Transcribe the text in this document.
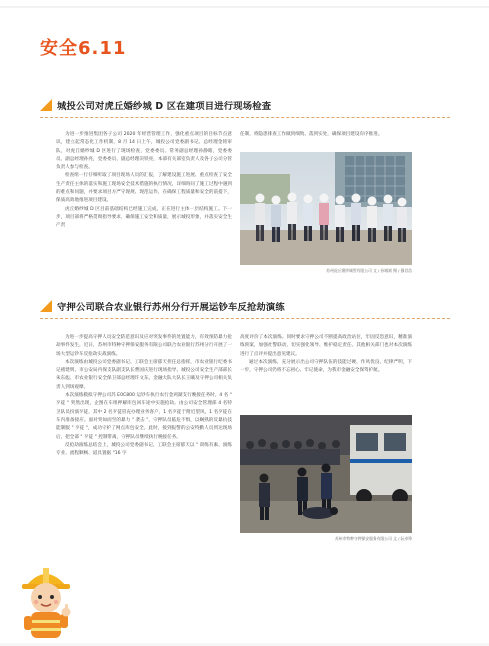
安全6.11
城投公司对虎丘婚纱城 D 区在建项目进行现场检查

为进一步推进集团各子公司 2020 年经营管理工作，强化重点项目的目标节点意识，建立起常态化工作机制，8 月 14 日上午，城投公司党委副书记、总经理金铭审队，对虎丘婚纱城 D 区进行了现场检查，党委委员、常务副总经理孙静睹，党委委员、副总经理孙亮，党委委员、副总经理决铁亮，本部有关部室负责人及各子公司分管负责人参与检查。

检查组一行仔细听取了项目现场人员的汇报，了解建设施工进展、重点检查了安全生产责任主体的落实和施工现场安全技术措施的执行情况，详细询问了施工过程中遇到的难点和问题，并要求项目方严守现规、现范运作，在确保工程质量和安全的前提下，保质高效地推进项目建设。

虎丘婚纱城 D 区目前基础结构已经施工完成，正在进行主体一层结构施工。下一步，项目部将严格贯彻指导要求，确保施工安全和质量，展示城投形象，并落实安全生产责

任制，将隐患排查工作做到细致、落到实处，确保项目建设有序推进。

苏州虎丘婚纱城管有限公司 文 / 孙城斌 摄 / 静君浩
守押公司联合农业银行苏州分行开展运钞车反抢劫演练

为进一步提高守押人员安全防范意识及应对突发事件的处置能力，有效预防暴力抢劫事件发生，近日，苏州市特种守押保安服务有限公司联合农业银行苏州分行开展了一场大型运钞车反抢劫实战演练。

本次演练由城投公司党委副书记、工联会主席郁天担任总指挥，市农业银行纪委书记褚建明、市公安局内保支队副支队长曹国庆进行现场指导。城投公司安全生产部部长朱东彪、市农业银行安全保卫部总经理许文东、金融大队大队长王曦及守押公司相关负责人到场观摩。

本次演练模拟守押公司苏 E0C800 运钞车执行农行金鸡湖支行晚接任务时，4 名 " 歹徒 " 突然出现，企图在车组押解库包回车途中实施抢劫。由公司安全管理部 4 名特卫队员扮演歹徒，其中 2 名歹徒冒充办理业务客户，1 名歹徒于附近望风，1 名歹徒在车内准备接应。面对突如而至的暴力 " 袭击 "，守押队员临危不惧，以娴熟的反暴抗技能制服 " 歹徒 "，成功守护了网点库包安全。此时，接到报警的公安特勤人员到达现场后，把全部 " 歹徒 " 控制带离，守押队员继续执行晚接任务。

反抢劫演练总结会上，城投公司党委副书记、工联会主席郁天以 " 训练有素、演练专业、流程顺畅、道具置据 "16 字

高度评价了本次演练。同时要求守押公司不断提高政治站位，牢固反恐意识，精准演练预案，加强社警联动，切实强化领导、维护稳定责任。其他相关部门也对本次演练进行了点评并提出意见建议。

通过本次演练，充分展示出公司守押队伍的技能过硬、作风优良、纪律严明，下一步，守押公司仍将不忘初心、牢记使命，为我市金融安全保驾护航。

苏州市特种守押保安服务有限公司 文 / 阮卓铮
